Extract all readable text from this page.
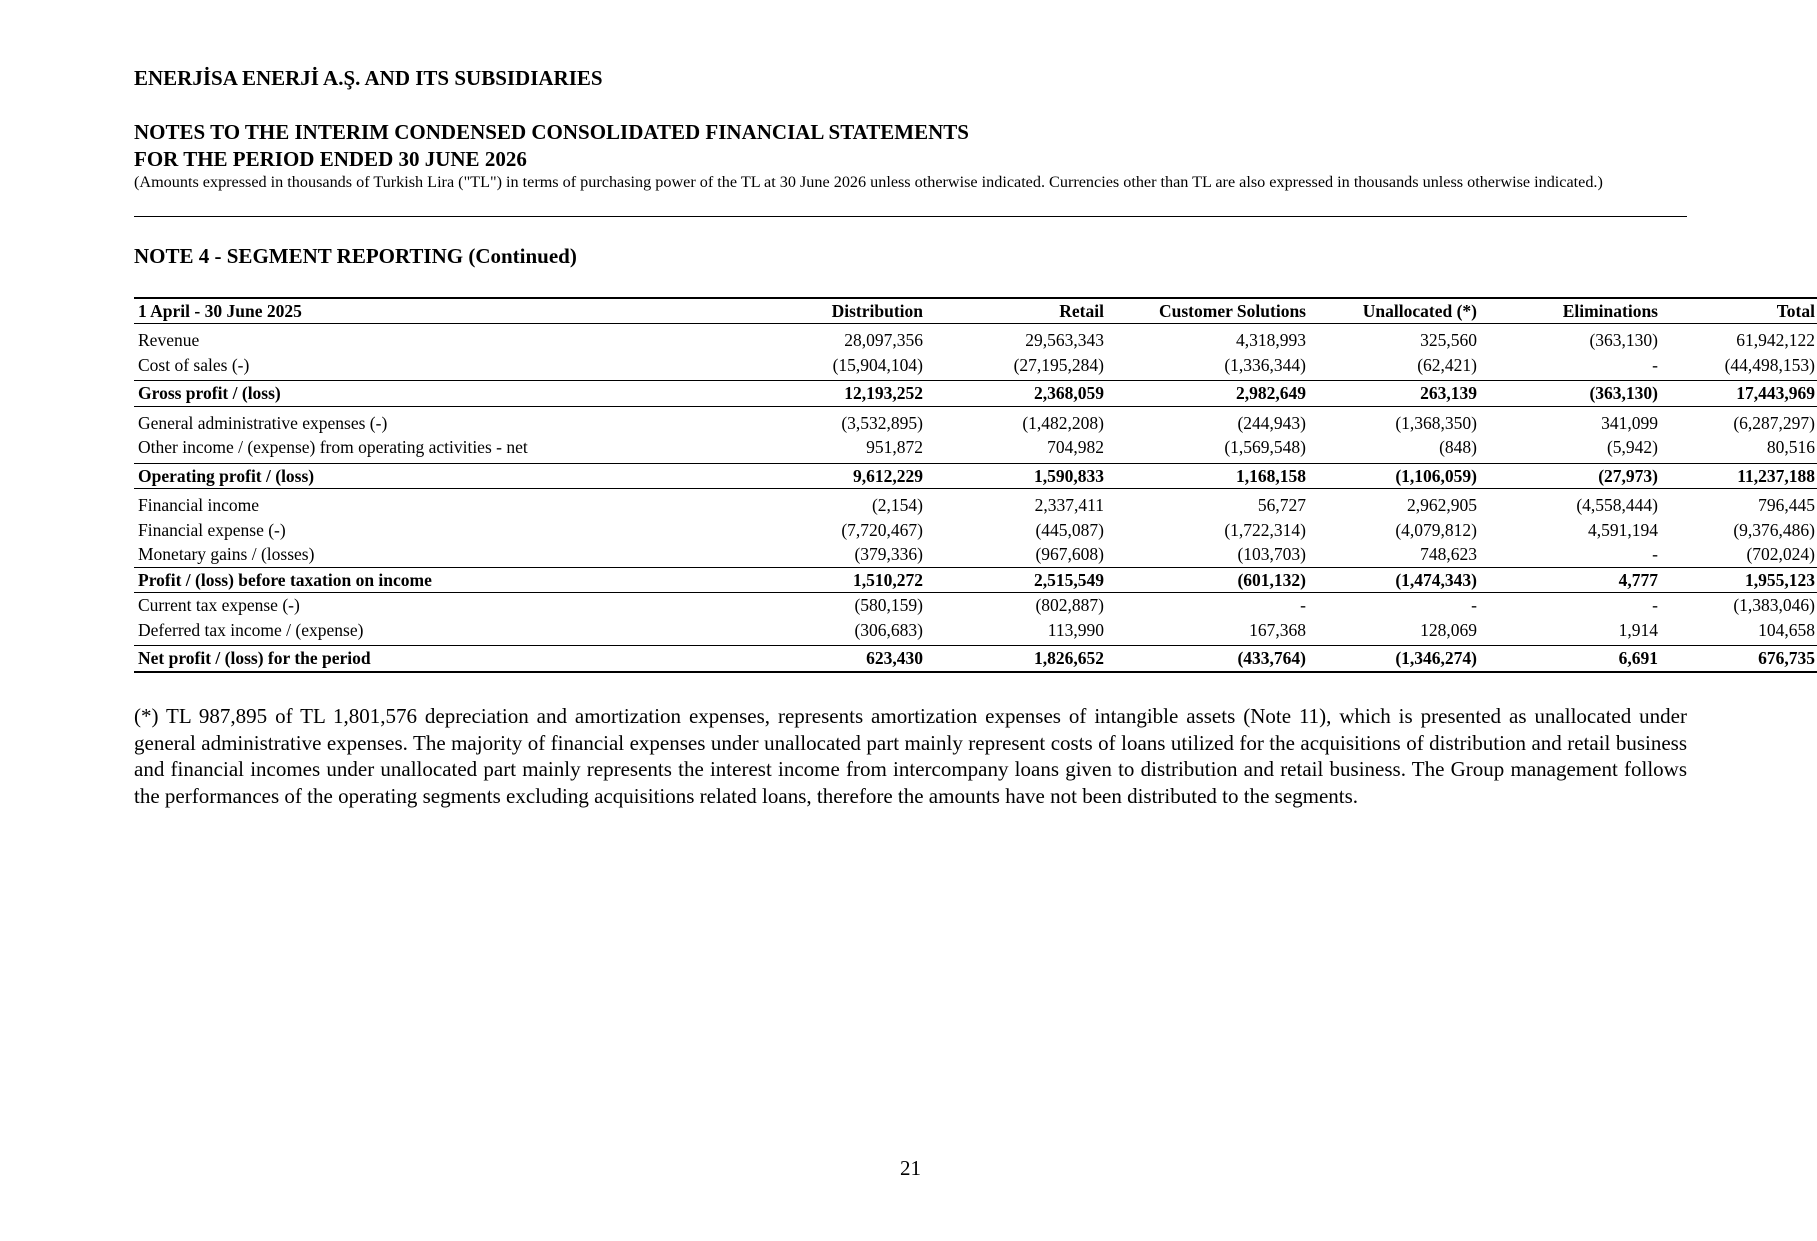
ENERJİSA ENERJİ A.Ş. AND ITS SUBSIDIARIES
NOTES TO THE INTERIM CONDENSED CONSOLIDATED FINANCIAL STATEMENTS
FOR THE PERIOD ENDED 30 JUNE 2026
(Amounts expressed in thousands of Turkish Lira ("TL") in terms of purchasing power of the TL at 30 June 2026 unless otherwise indicated. Currencies other than TL are also expressed in thousands unless otherwise indicated.)
NOTE 4 - SEGMENT REPORTING (Continued)
1 April - 30 June 2025	Distribution	Retail	Customer Solutions	Unallocated (*)	Eliminations	Total
Revenue	28,097,356	29,563,343	4,318,993	325,560	(363,130)	61,942,122
Cost of sales (-)	(15,904,104)	(27,195,284)	(1,336,344)	(62,421)	-	(44,498,153)
Gross profit / (loss)	12,193,252	2,368,059	2,982,649	263,139	(363,130)	17,443,969
General administrative expenses (-)	(3,532,895)	(1,482,208)	(244,943)	(1,368,350)	341,099	(6,287,297)
Other income / (expense) from operating activities - net	951,872	704,982	(1,569,548)	(848)	(5,942)	80,516
Operating profit / (loss)	9,612,229	1,590,833	1,168,158	(1,106,059)	(27,973)	11,237,188
Financial income	(2,154)	2,337,411	56,727	2,962,905	(4,558,444)	796,445
Financial expense (-)	(7,720,467)	(445,087)	(1,722,314)	(4,079,812)	4,591,194	(9,376,486)
Monetary gains / (losses)	(379,336)	(967,608)	(103,703)	748,623	-	(702,024)
Profit / (loss) before taxation on income	1,510,272	2,515,549	(601,132)	(1,474,343)	4,777	1,955,123
Current tax expense (-)	(580,159)	(802,887)	-	-	-	(1,383,046)
Deferred tax income / (expense)	(306,683)	113,990	167,368	128,069	1,914	104,658
Net profit / (loss) for the period	623,430	1,826,652	(433,764)	(1,346,274)	6,691	676,735
(*) TL 987,895 of TL 1,801,576 depreciation and amortization expenses, represents amortization expenses of intangible assets (Note 11), which is presented as unallocated under general administrative expenses. The majority of financial expenses under unallocated part mainly represent costs of loans utilized for the acquisitions of distribution and retail business and financial incomes under unallocated part mainly represents the interest income from intercompany loans given to distribution and retail business. The Group management follows the performances of the operating segments excluding acquisitions related loans, therefore the amounts have not been distributed to the segments.
21
